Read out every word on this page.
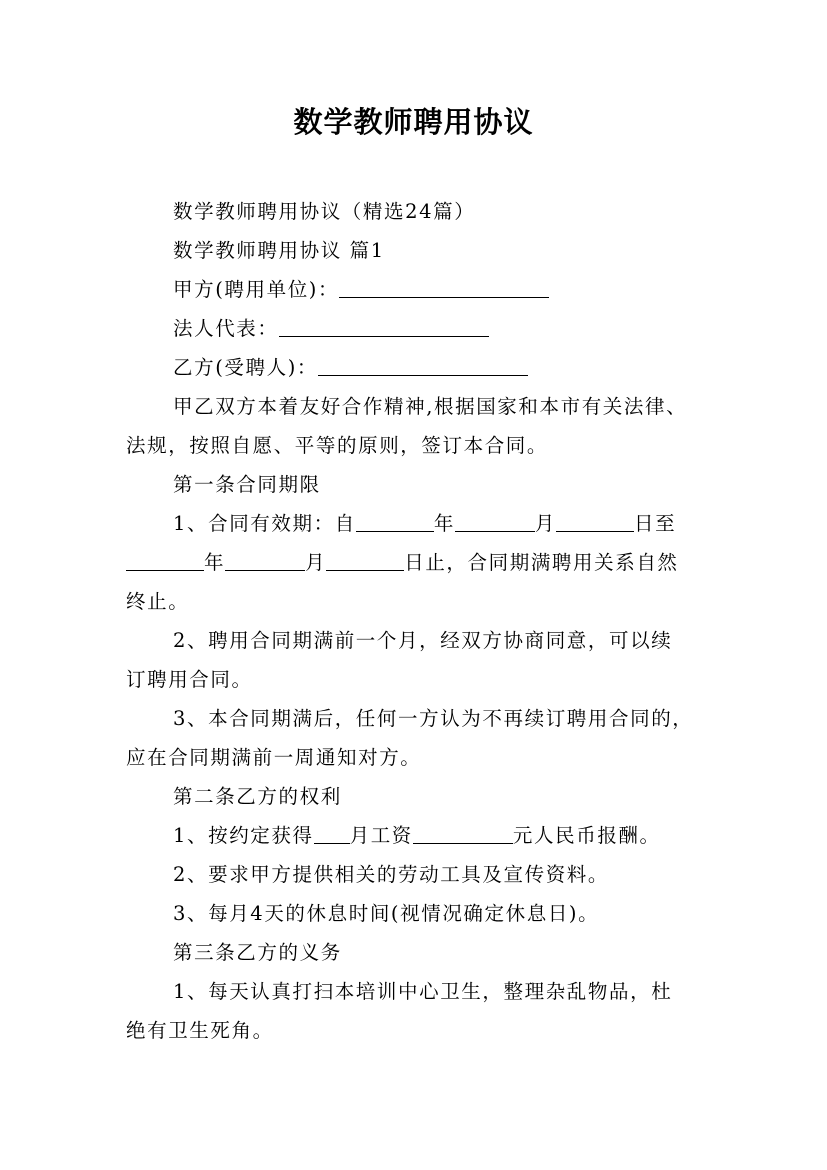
数学教师聘用协议
数学教师聘用协议（精选24篇）
数学教师聘用协议 篇1
甲方(聘用单位)：
法人代表：
乙方(受聘人)：
甲乙双方本着友好合作精神,根据国家和本市有关法律、
法规，按照自愿、平等的原则，签订本合同。
第一条合同期限
1、合同有效期：自	年	月	日至
年	月	日止，合同期满聘用关系自然
终止。
2、聘用合同期满前一个月，经双方协商同意，可以续
订聘用合同。
3、本合同期满后，任何一方认为不再续订聘用合同的，
应在合同期满前一周通知对方。
第二条乙方的权利
1、按约定获得 月工资	元人民币报酬。
2、要求甲方提供相关的劳动工具及宣传资料。
3、每月4天的休息时间(视情况确定休息日)。
第三条乙方的义务
1、每天认真打扫本培训中心卫生，整理杂乱物品，杜
绝有卫生死角。
